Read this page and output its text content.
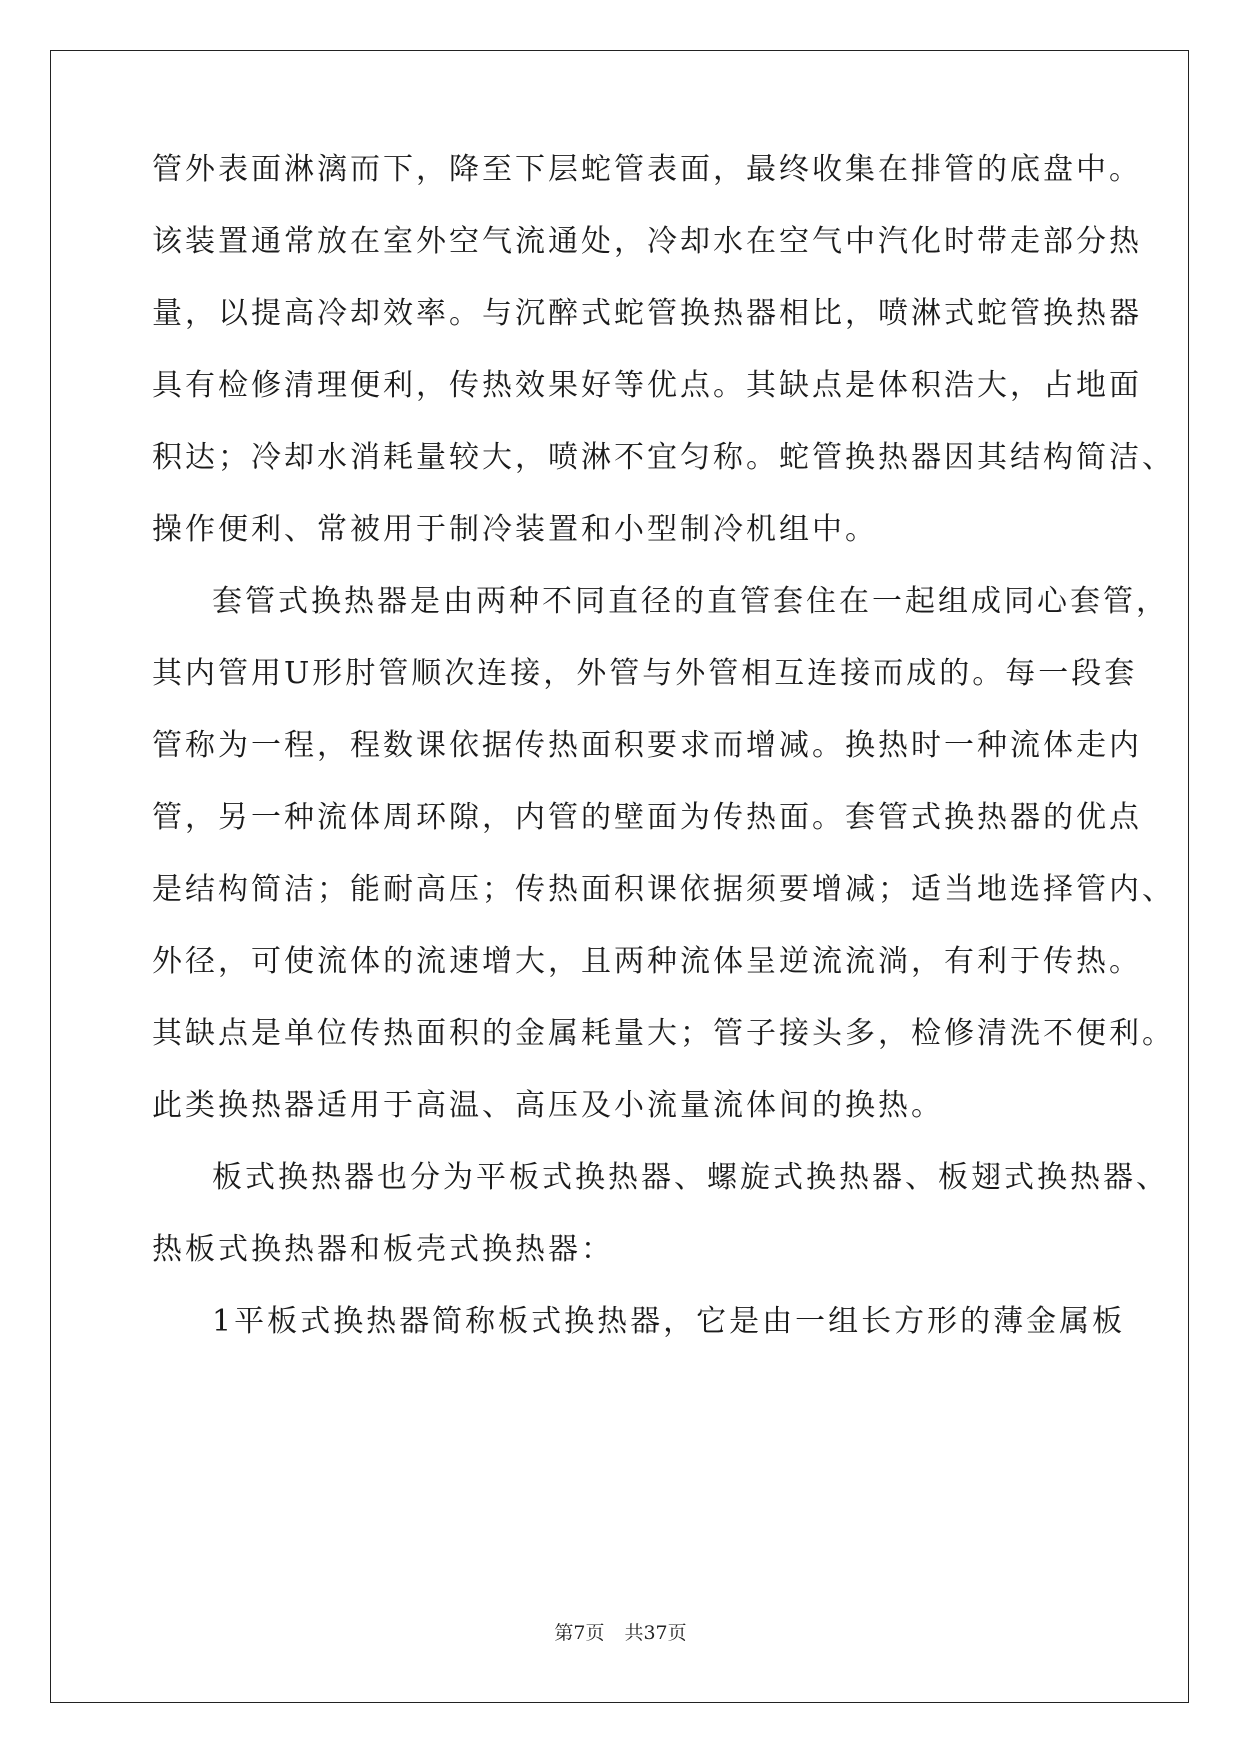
管外表面淋漓而下，降至下层蛇管表面，最终收集在排管的底盘中。
该装置通常放在室外空气流通处，冷却水在空气中汽化时带走部分热
量，以提高冷却效率。与沉醉式蛇管换热器相比，喷淋式蛇管换热器
具有检修清理便利，传热效果好等优点。其缺点是体积浩大，占地面
积达；冷却水消耗量较大，喷淋不宜匀称。蛇管换热器因其结构简洁、
操作便利、常被用于制冷装置和小型制冷机组中。
套管式换热器是由两种不同直径的直管套住在一起组成同心套管，
其内管用U形肘管顺次连接，外管与外管相互连接而成的。每一段套
管称为一程，程数课依据传热面积要求而增减。换热时一种流体走内
管，另一种流体周环隙，内管的壁面为传热面。套管式换热器的优点
是结构简洁；能耐高压；传热面积课依据须要增减；适当地选择管内、
外径，可使流体的流速增大，且两种流体呈逆流流淌，有利于传热。
其缺点是单位传热面积的金属耗量大；管子接头多，检修清洗不便利。
此类换热器适用于高温、高压及小流量流体间的换热。
板式换热器也分为平板式换热器、螺旋式换热器、板翅式换热器、
热板式换热器和板壳式换热器：
1平板式换热器简称板式换热器，它是由一组长方形的薄金属板
第7页 共37页
